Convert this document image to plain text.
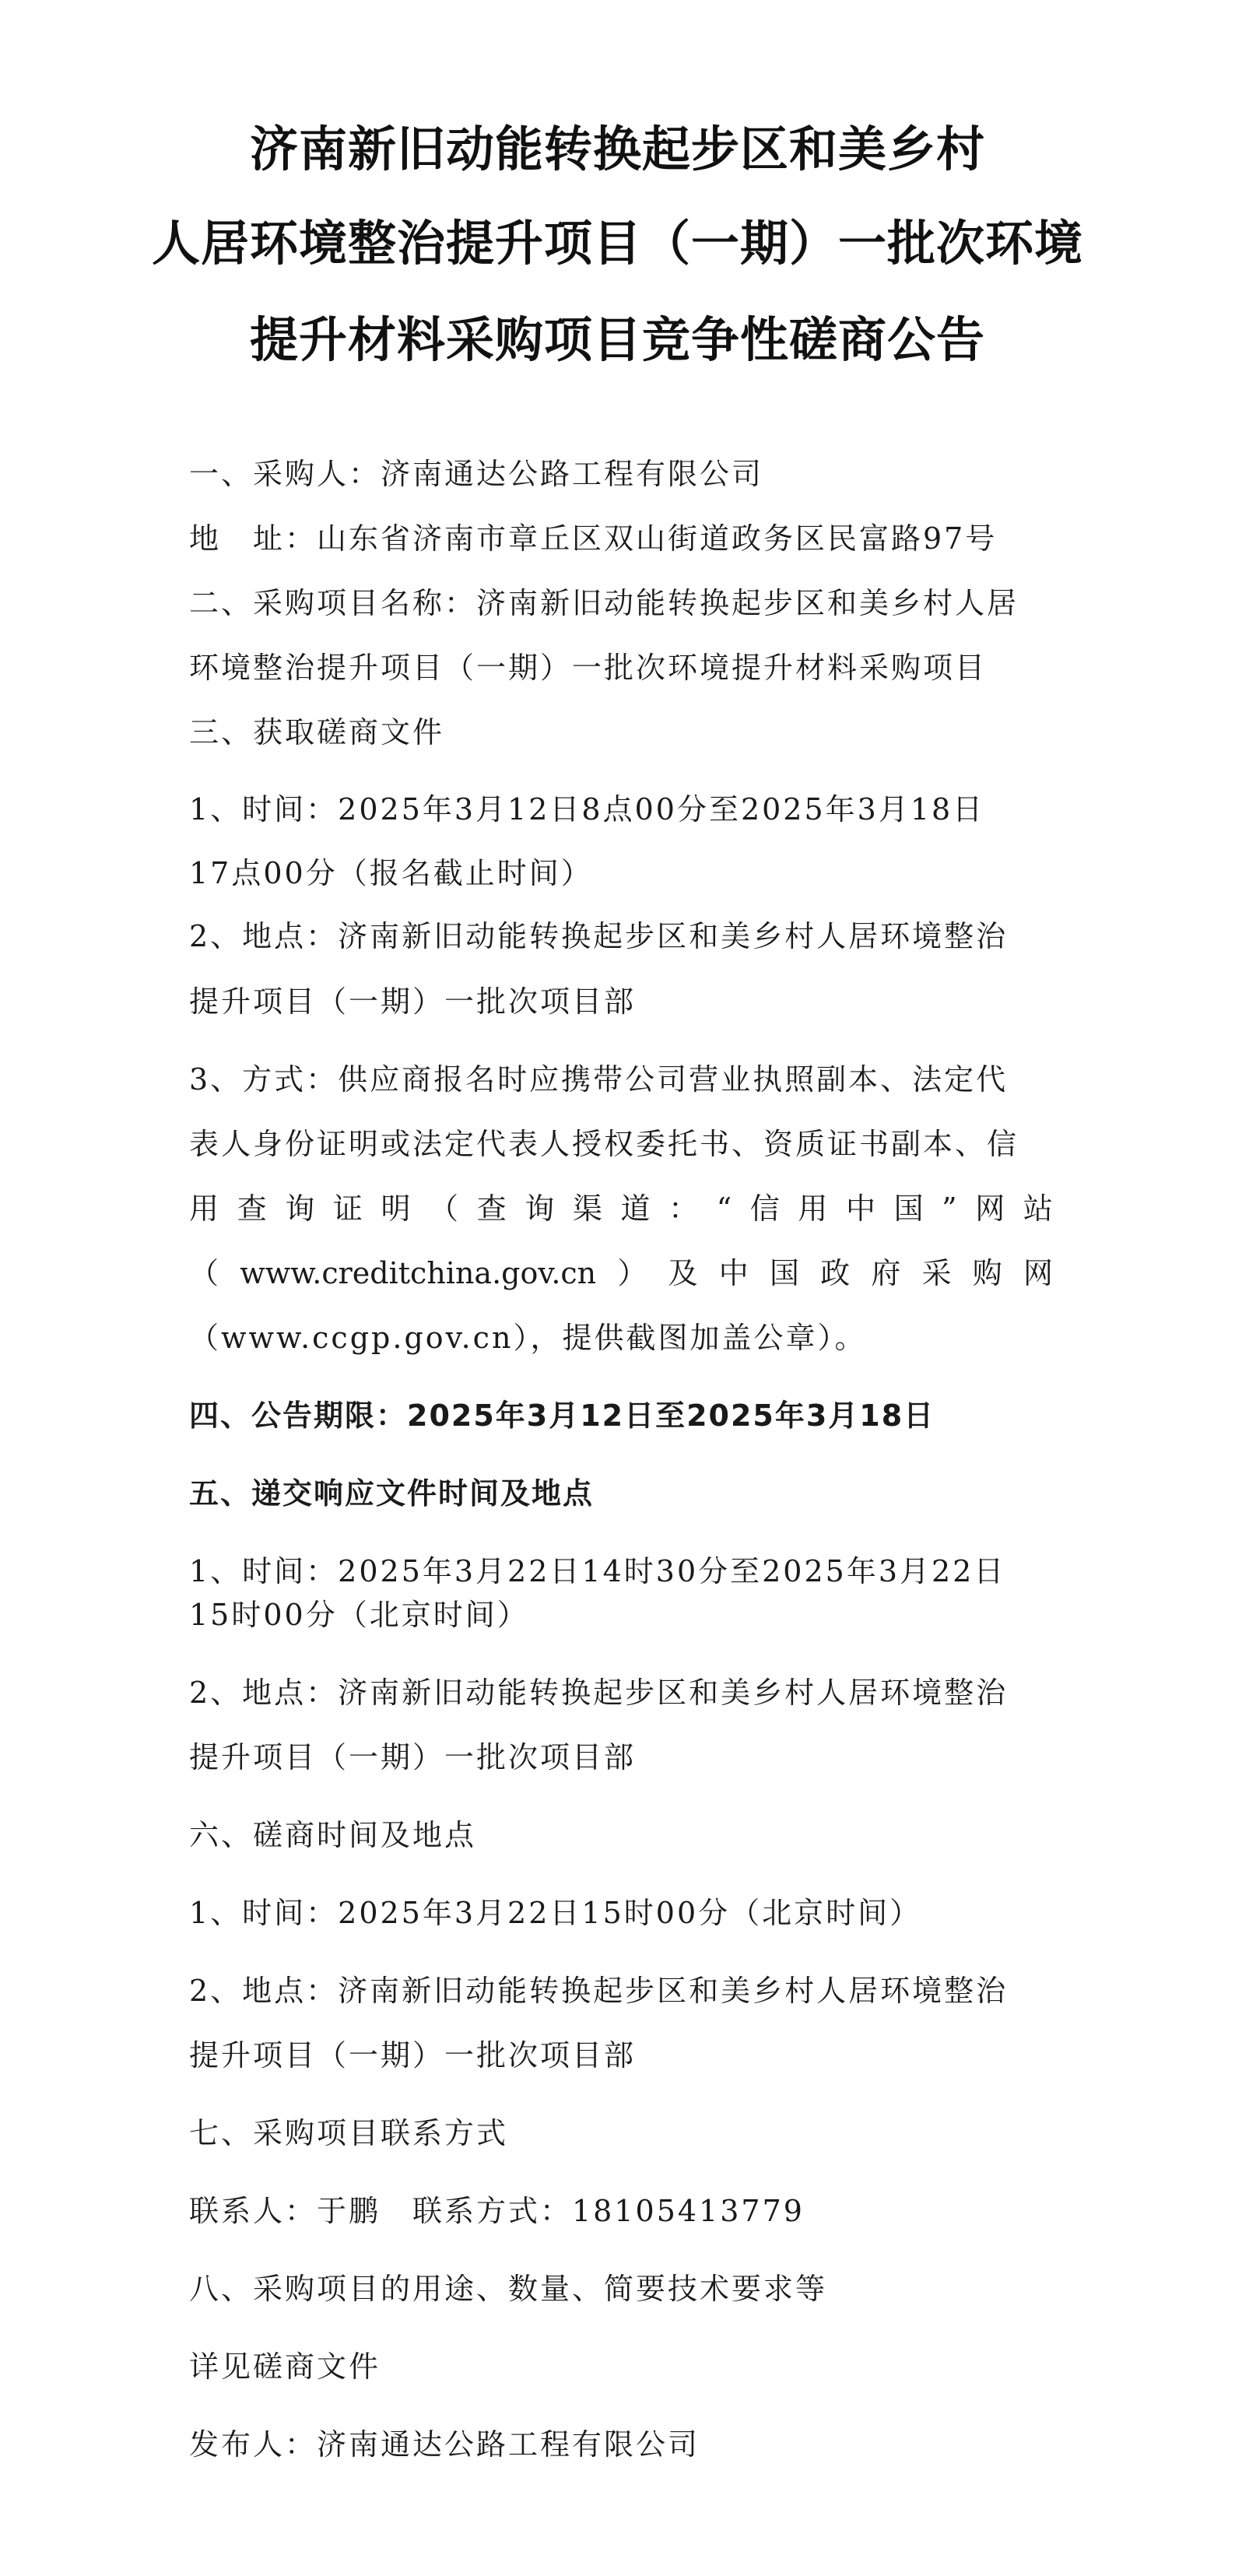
济南新旧动能转换起步区和美乡村
人居环境整治提升项目（一期）一批次环境
提升材料采购项目竞争性磋商公告
一、采购人：济南通达公路工程有限公司
地　址：山东省济南市章丘区双山街道政务区民富路97号
二、采购项目名称：济南新旧动能转换起步区和美乡村人居
环境整治提升项目（一期）一批次环境提升材料采购项目
三、获取磋商文件
1、时间：2025年3月12日8点00分至2025年3月18日
17点00分（报名截止时间）
2、地点：济南新旧动能转换起步区和美乡村人居环境整治
提升项目（一期）一批次项目部
3、方式：供应商报名时应携带公司营业执照副本、法定代
表人身份证明或法定代表人授权委托书、资质证书副本、信
用 查 询 证 明 （ 查 询 渠 道 ： “ 信 用 中 国 ” 网 站
（ www.creditchina.gov.cn ） 及 中 国 政 府 采 购 网
（www.ccgp.gov.cn），提供截图加盖公章）。
四、公告期限：2025年3月12日至2025年3月18日
五、递交响应文件时间及地点
1、时间：2025年3月22日14时30分至2025年3月22日
15时00分（北京时间）
2、地点：济南新旧动能转换起步区和美乡村人居环境整治
提升项目（一期）一批次项目部
六、磋商时间及地点
1、时间：2025年3月22日15时00分（北京时间）
2、地点：济南新旧动能转换起步区和美乡村人居环境整治
提升项目（一期）一批次项目部
七、采购项目联系方式
联系人：于鹏　联系方式：18105413779
八、采购项目的用途、数量、简要技术要求等
详见磋商文件
发布人：济南通达公路工程有限公司
